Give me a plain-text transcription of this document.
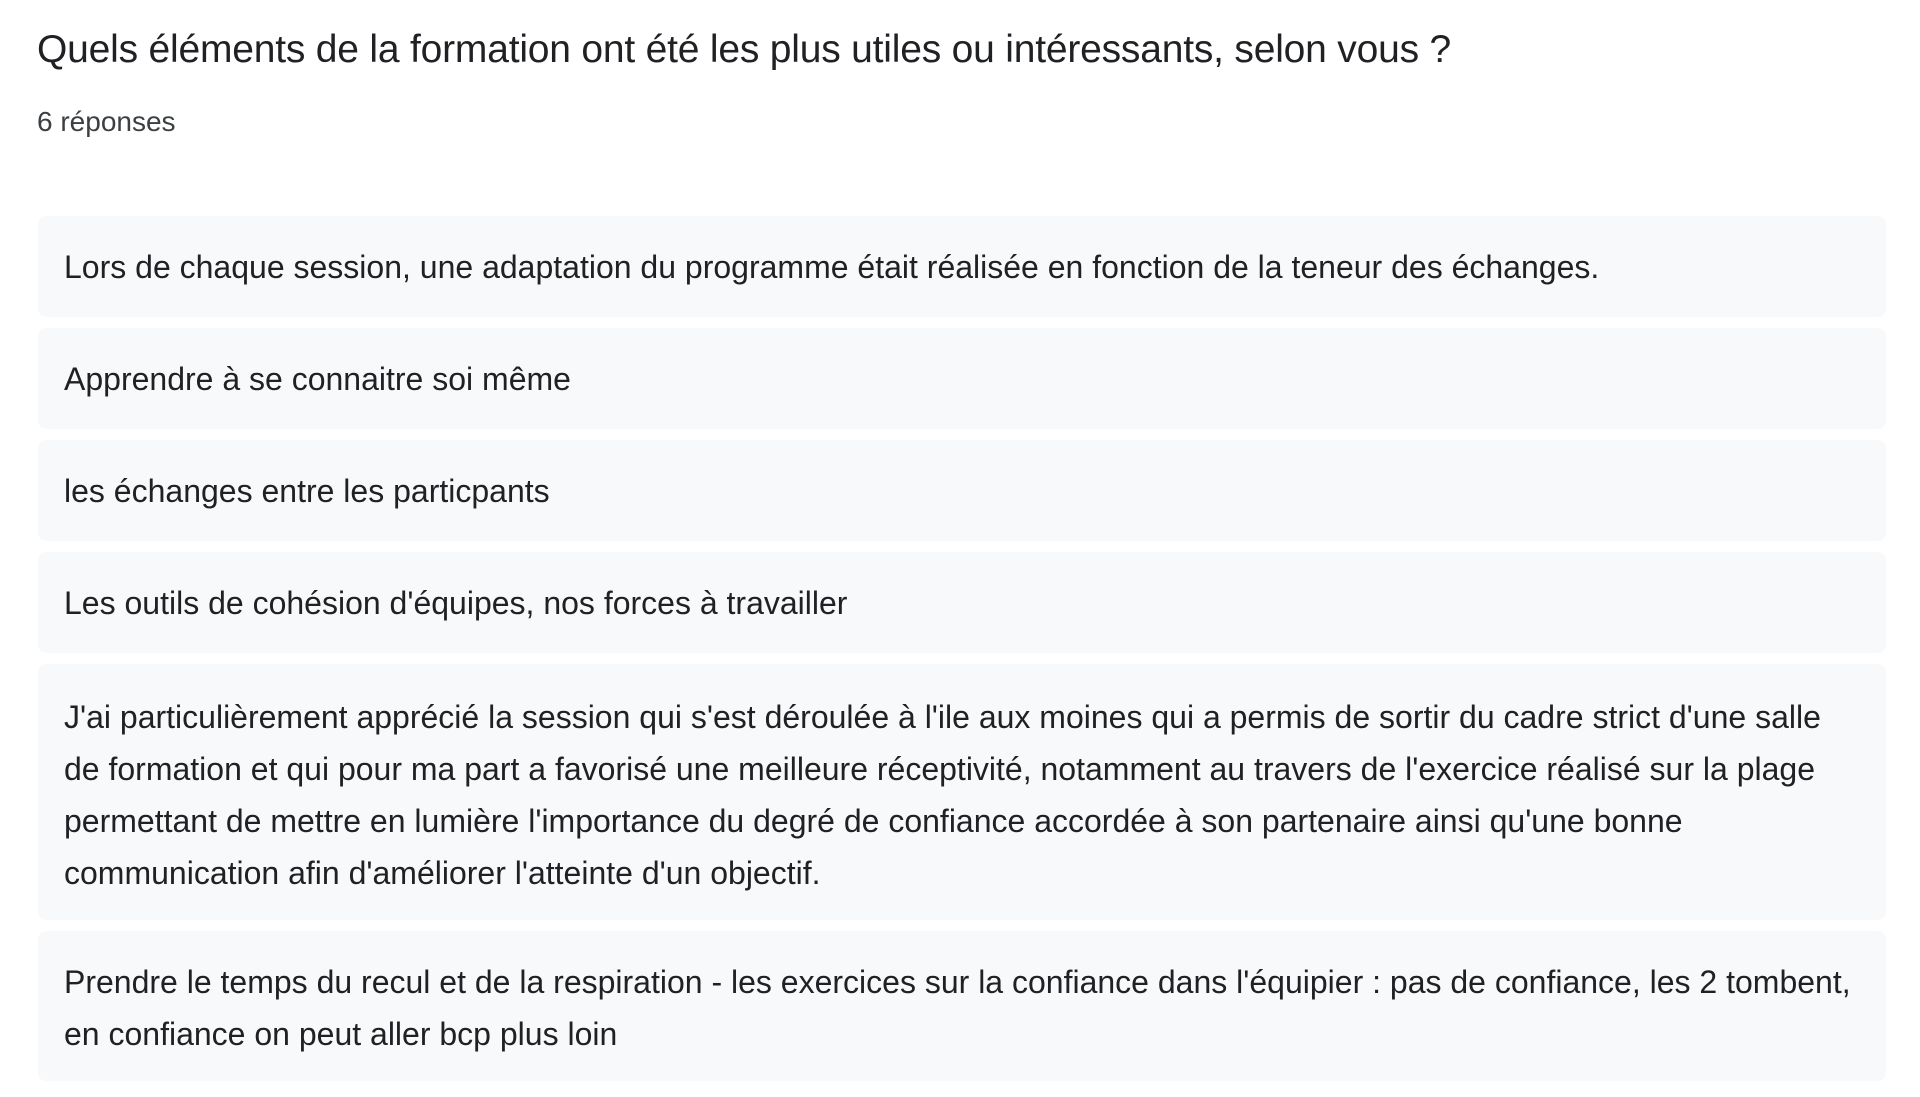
Quels éléments de la formation ont été les plus utiles ou intéressants, selon vous ?
6 réponses
Lors de chaque session, une adaptation du programme était réalisée en fonction de la teneur des échanges.
Apprendre à se connaitre soi même
les échanges entre les particpants
Les outils de cohésion d'équipes, nos forces à travailler
J'ai particulièrement apprécié la session qui s'est déroulée à l'ile aux moines qui a permis de sortir du cadre strict d'une salle de formation et qui pour ma part a favorisé une meilleure réceptivité, notamment au travers de l'exercice réalisé sur la plage permettant de mettre en lumière l'importance du degré de confiance accordée à son partenaire ainsi qu'une bonne communication afin d'améliorer l'atteinte d'un objectif.
Prendre le temps du recul et de la respiration - les exercices sur la confiance dans l'équipier : pas de confiance, les 2 tombent, en confiance on peut aller bcp plus loin
